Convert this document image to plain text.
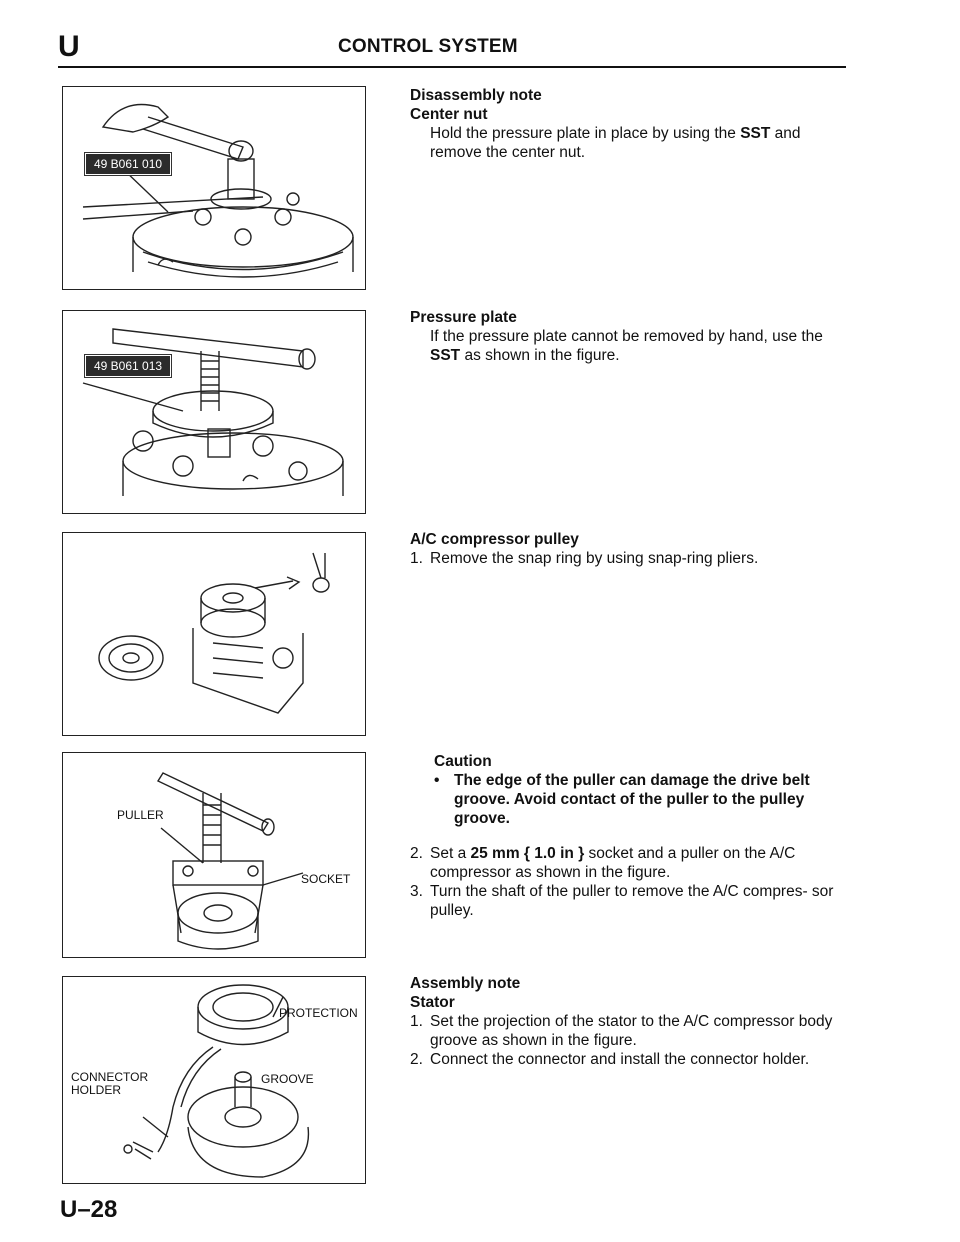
U	CONTROL SYSTEM
49 B061 010
49 B061 013
PULLER
SOCKET
PROTECTION
CONNECTOR
HOLDER
GROOVE
Disassembly note
Center nut
Hold the pressure plate in place by using the SST and remove the center nut.
Pressure plate
If the pressure plate cannot be removed by hand, use the SST as shown in the figure.
A/C compressor pulley
1. Remove the snap ring by using snap-ring pliers.
Caution
• The edge of the puller can damage the drive belt groove. Avoid contact of the puller to the pulley groove.
2. Set a 25 mm { 1.0 in } socket and a puller on the A/C compressor as shown in the figure.
3. Turn the shaft of the puller to remove the A/C compres- sor pulley.
Assembly note
Stator
1. Set the projection of the stator to the A/C compressor body groove as shown in the figure.
2. Connect the connector and install the connector holder.
U–28
